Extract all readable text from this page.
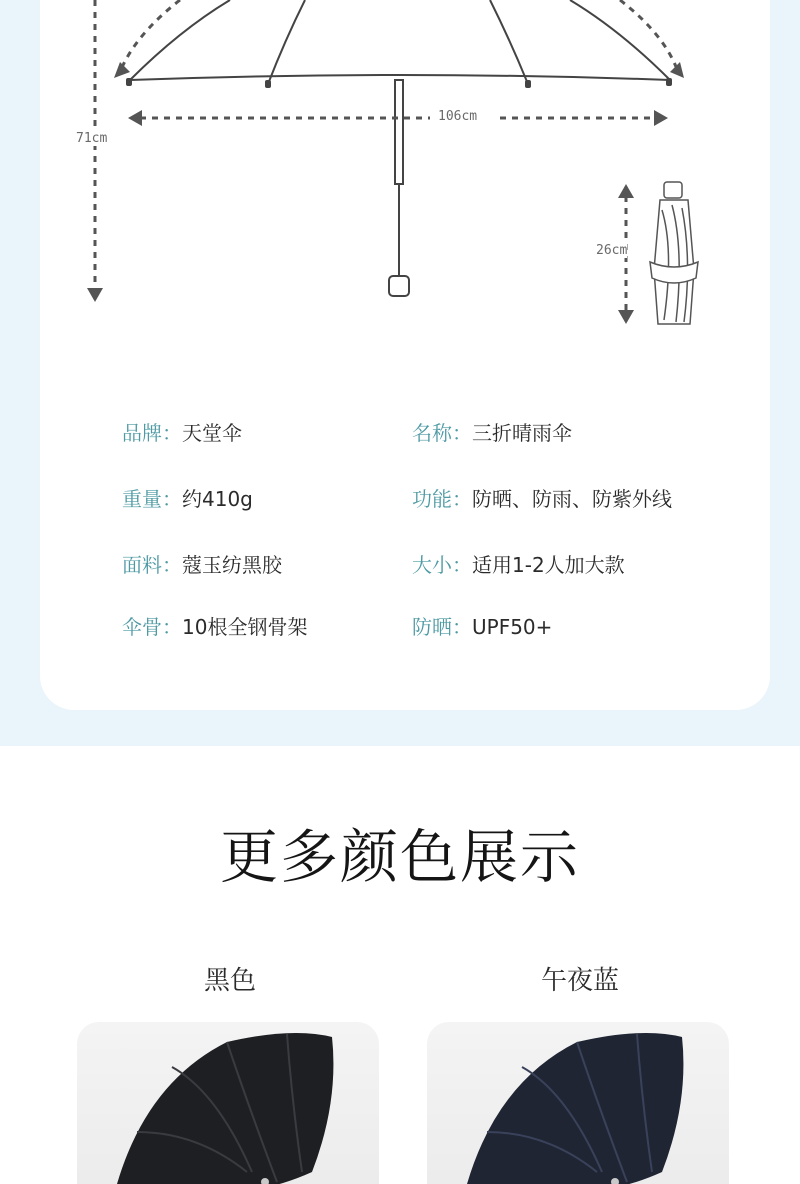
71cm
106cm
26cm
品牌：天堂伞	名称：三折晴雨伞
重量：约410g	功能：防晒、防雨、防紫外线
面料：蔻玉纺黑胶	大小：适用1-2人加大款
伞骨：10根全钢骨架	防晒：UPF50+
更多颜色展示
黑色	午夜蓝
